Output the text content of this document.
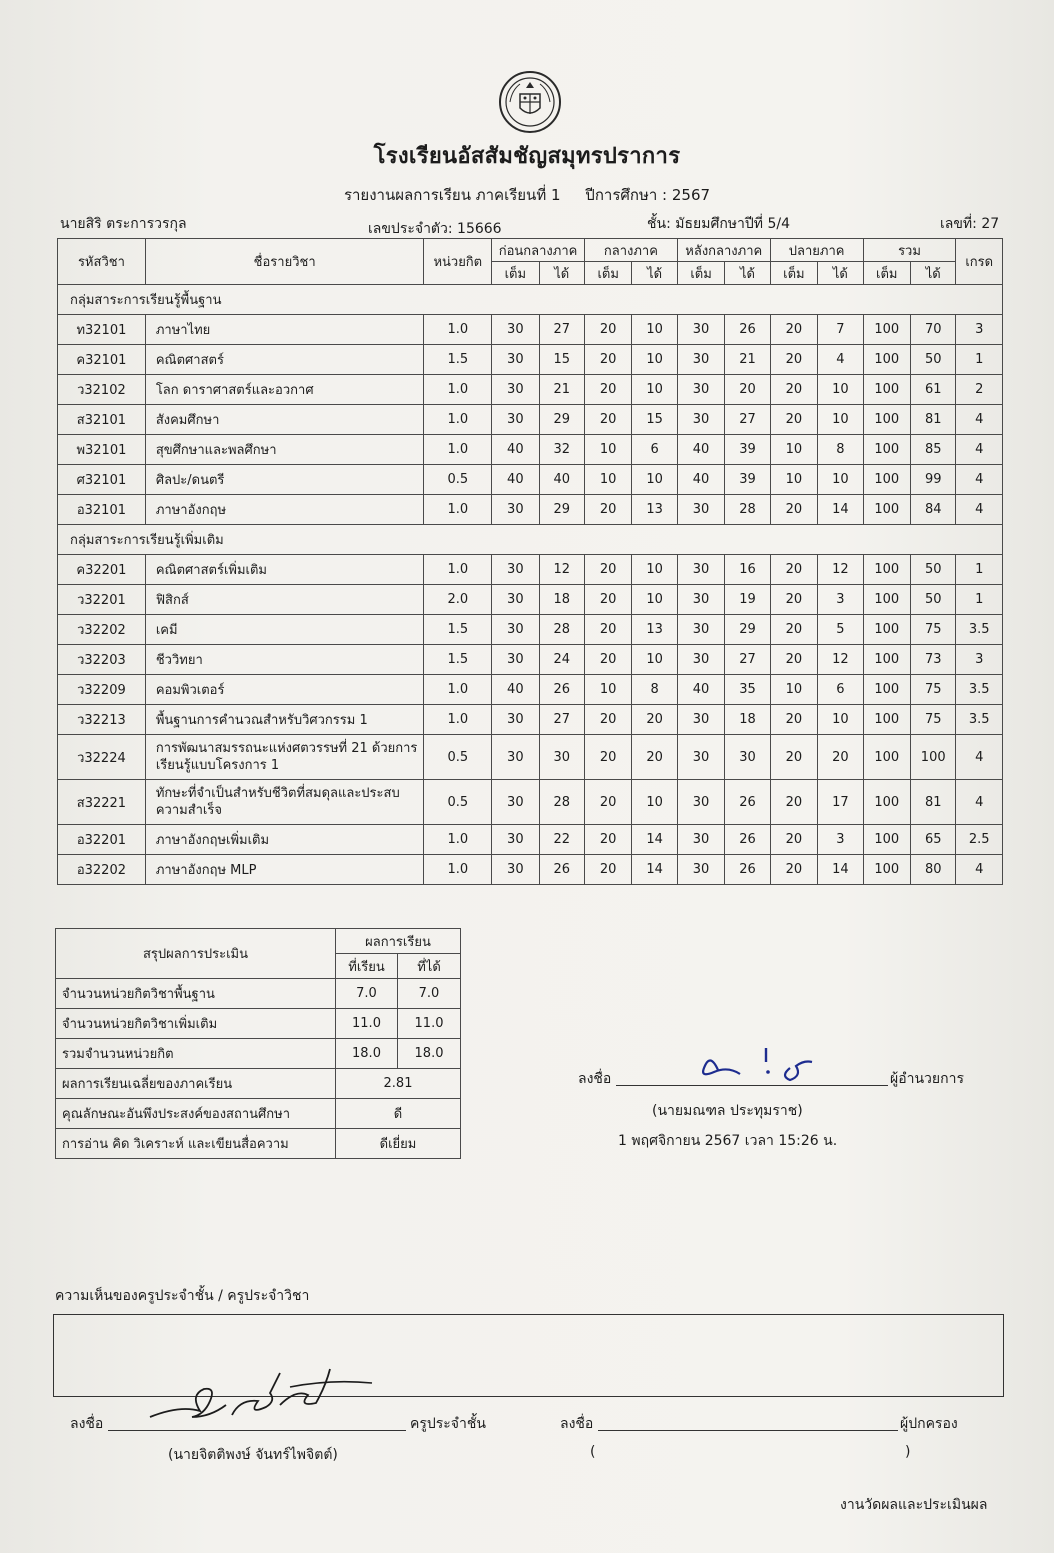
โรงเรียนอัสสัมชัญสมุทรปราการ
รายงานผลการเรียน ภาคเรียนที่ 1 ปีการศึกษา : 2567
นายสิริ ตระการวรกุล	เลขประจำตัว: 15666	ชั้น: มัธยมศึกษาปีที่ 5/4	เลขที่: 27
รหัสวิชา	ชื่อรายวิชา	หน่วยกิต	ก่อนกลางภาค		กลางภาค		หลังกลางภาค		ปลายภาค		รวม		เกรด
			เต็ม	ได้	เต็ม	ได้	เต็ม	ได้	เต็ม	ได้	เต็ม	ได้	
กลุ่มสาระการเรียนรู้พื้นฐาน													
ท32101	ภาษาไทย	1.0	30	27	20	10	30	26	20	7	100	70	3
ค32101	คณิตศาสตร์	1.5	30	15	20	10	30	21	20	4	100	50	1
ว32102	โลก ดาราศาสตร์และอวกาศ	1.0	30	21	20	10	30	20	20	10	100	61	2
ส32101	สังคมศึกษา	1.0	30	29	20	15	30	27	20	10	100	81	4
พ32101	สุขศึกษาและพลศึกษา	1.0	40	32	10	6	40	39	10	8	100	85	4
ศ32101	ศิลปะ/ดนตรี	0.5	40	40	10	10	40	39	10	10	100	99	4
อ32101	ภาษาอังกฤษ	1.0	30	29	20	13	30	28	20	14	100	84	4
กลุ่มสาระการเรียนรู้เพิ่มเติม													
ค32201	คณิตศาสตร์เพิ่มเติม	1.0	30	12	20	10	30	16	20	12	100	50	1
ว32201	ฟิสิกส์	2.0	30	18	20	10	30	19	20	3	100	50	1
ว32202	เคมี	1.5	30	28	20	13	30	29	20	5	100	75	3.5
ว32203	ชีววิทยา	1.5	30	24	20	10	30	27	20	12	100	73	3
ว32209	คอมพิวเตอร์	1.0	40	26	10	8	40	35	10	6	100	75	3.5
ว32213	พื้นฐานการคำนวณสำหรับวิศวกรรม 1	1.0	30	27	20	20	30	18	20	10	100	75	3.5
ว32224	การพัฒนาสมรรถนะแห่งศตวรรษที่ 21 ด้วยการเรียนรู้แบบโครงการ 1	0.5	30	30	20	20	30	30	20	20	100	100	4
ส32221	ทักษะที่จำเป็นสำหรับชีวิตที่สมดุลและประสบความสำเร็จ	0.5	30	28	20	10	30	26	20	17	100	81	4
อ32201	ภาษาอังกฤษเพิ่มเติม	1.0	30	22	20	14	30	26	20	3	100	65	2.5
อ32202	ภาษาอังกฤษ MLP	1.0	30	26	20	14	30	26	20	14	100	80	4
สรุปผลการประเมิน	ผลการเรียน	
	ที่เรียน	ที่ได้
จำนวนหน่วยกิตวิชาพื้นฐาน	7.0	7.0
จำนวนหน่วยกิตวิชาเพิ่มเติม	11.0	11.0
รวมจำนวนหน่วยกิต	18.0	18.0
ผลการเรียนเฉลี่ยของภาคเรียน	2.81	
คุณลักษณะอันพึงประสงค์ของสถานศึกษา	ดี	
การอ่าน คิด วิเคราะห์ และเขียนสื่อความ	ดีเยี่ยม	
ลงชื่อ	ผู้อำนวยการ
(นายมณฑล ประทุมราช)
1 พฤศจิกายน 2567 เวลา 15:26 น.
ความเห็นของครูประจำชั้น / ครูประจำวิชา
ลงชื่อ	ครูประจำชั้น
(นายจิตติพงษ์ จันทร์ไพจิตต์)
ลงชื่อ	ผู้ปกครอง
(	)
งานวัดผลและประเมินผล
